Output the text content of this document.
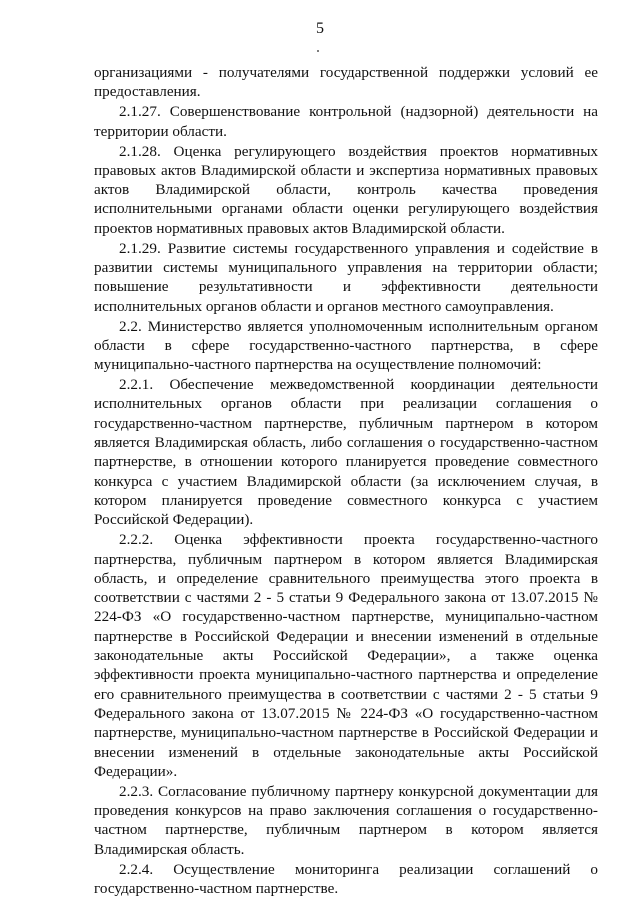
5

организациями - получателями государственной поддержки условий ее предоставления.

2.1.27. Совершенствование контрольной (надзорной) деятельности на территории области.

2.1.28. Оценка регулирующего воздействия проектов нормативных правовых актов Владимирской области и экспертиза нормативных правовых актов Владимирской области, контроль качества проведения исполнительными органами области оценки регулирующего воздействия проектов нормативных правовых актов Владимирской области.

2.1.29. Развитие системы государственного управления и содействие в развитии системы муниципального управления на территории области; повышение результативности и эффективности деятельности исполнительных органов области и органов местного самоуправления.

2.2. Министерство является уполномоченным исполнительным органом области в сфере государственно-частного партнерства, в сфере муниципально-частного партнерства на осуществление полномочий:

2.2.1. Обеспечение межведомственной координации деятельности исполнительных органов области при реализации соглашения о государственно-частном партнерстве, публичным партнером в котором является Владимирская область, либо соглашения о государственно-частном партнерстве, в отношении которого планируется проведение совместного конкурса с участием Владимирской области (за исключением случая, в котором планируется проведение совместного конкурса с участием Российской Федерации).

2.2.2. Оценка эффективности проекта государственно-частного партнерства, публичным партнером в котором является Владимирская область, и определение сравнительного преимущества этого проекта в соответствии с частями 2 - 5 статьи 9 Федерального закона от 13.07.2015 № 224-ФЗ «О государственно-частном партнерстве, муниципально-частном партнерстве в Российской Федерации и внесении изменений в отдельные законодательные акты Российской Федерации», а также оценка эффективности проекта муниципально-частного партнерства и определение его сравнительного преимущества в соответствии с частями 2 - 5 статьи 9 Федерального закона от 13.07.2015 № 224-ФЗ «О государственно-частном партнерстве, муниципально-частном партнерстве в Российской Федерации и внесении изменений в отдельные законодательные акты Российской Федерации».

2.2.3. Согласование публичному партнеру конкурсной документации для проведения конкурсов на право заключения соглашения о государственно-частном партнерстве, публичным партнером в котором является Владимирская область.

2.2.4. Осуществление мониторинга реализации соглашений о государственно-частном партнерстве.
